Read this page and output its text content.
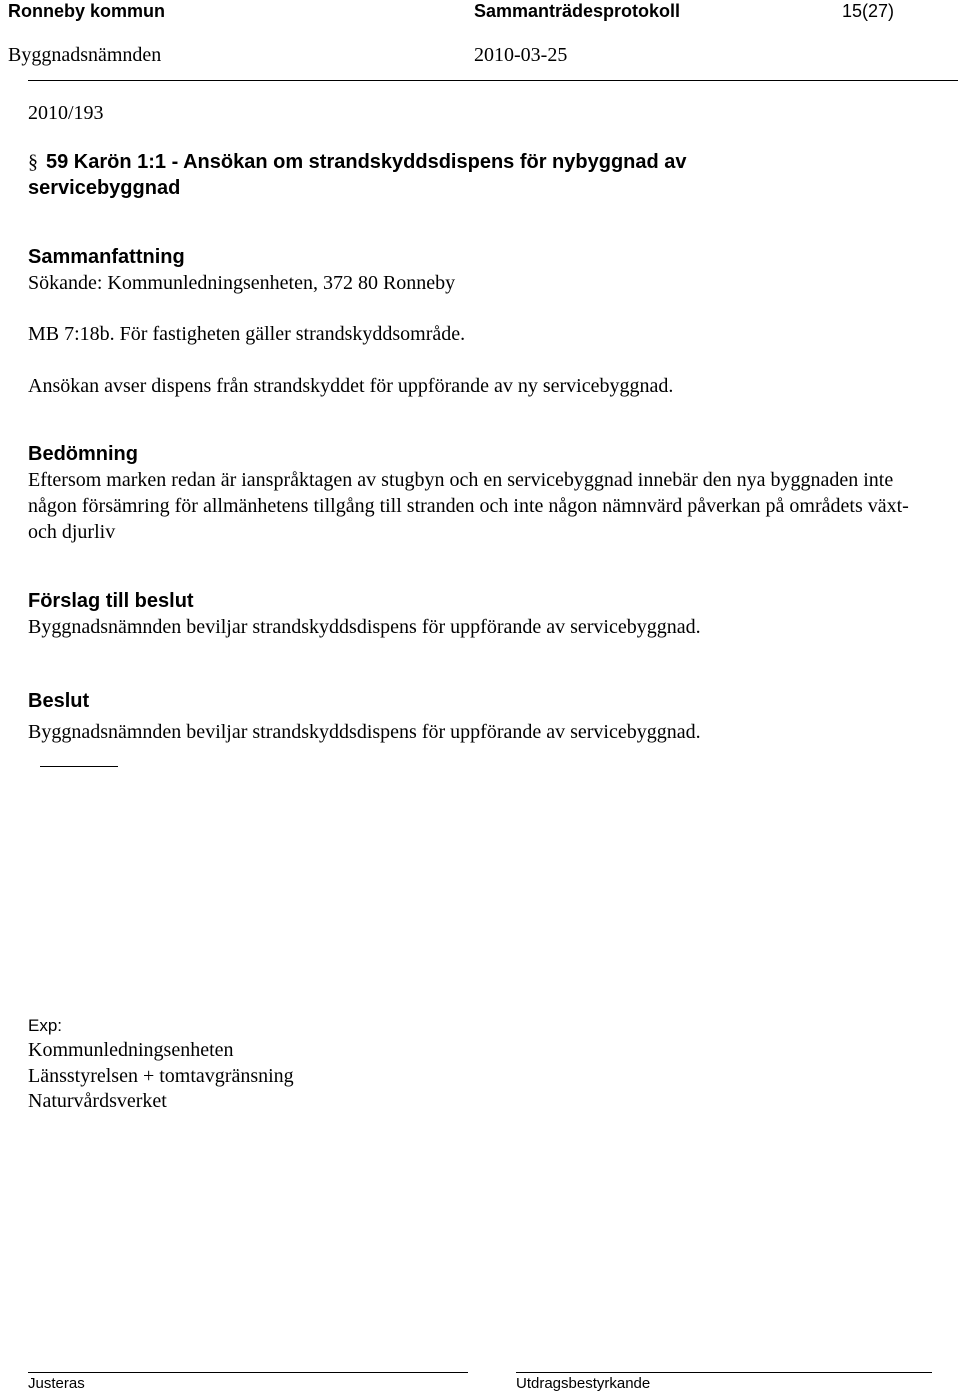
Ronneby kommun	Sammanträdesprotokoll	15(27)
Byggnadsnämnden	2010-03-25
2010/193
§ 59 Karön 1:1 - Ansökan om strandskyddsdispens för nybyggnad av
servicebyggnad
Sammanfattning
Sökande: Kommunledningsenheten, 372 80 Ronneby
MB 7:18b. För fastigheten gäller strandskyddsområde.
Ansökan avser dispens från strandskyddet för uppförande av ny servicebyggnad.
Bedömning
Eftersom marken redan är ianspråktagen av stugbyn och en servicebyggnad innebär den nya byggnaden inte någon försämring för allmänhetens tillgång till stranden och inte någon nämnvärd påverkan på områdets växt- och djurliv
Förslag till beslut
Byggnadsnämnden beviljar strandskyddsdispens för uppförande av servicebyggnad.
Beslut
Byggnadsnämnden beviljar strandskyddsdispens för uppförande av servicebyggnad.
Exp:
Kommunledningsenheten
Länsstyrelsen + tomtavgränsning
Naturvårdsverket
Justeras	Utdragsbestyrkande
